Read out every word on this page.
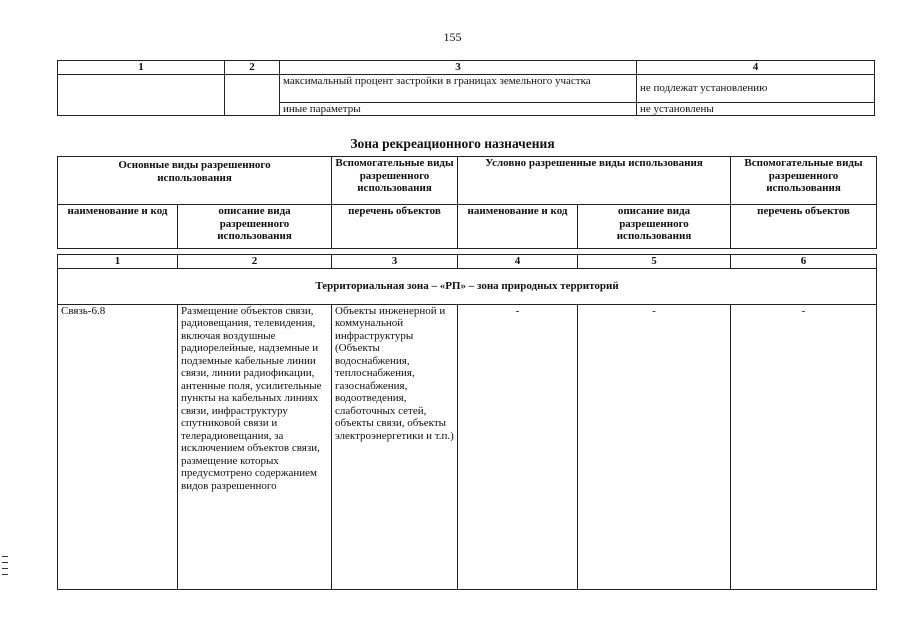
155
1	2	3	4
		максимальный процент застройки в границах земельного участка	не подлежат установлению
		иные параметры	не установлены
Зона рекреационного назначения
Основные виды разрешенного использования		Вспомогательные виды разрешенного использования	Условно разрешенные виды использования		Вспомогательные виды разрешенного использования
наименование и код	описание вида разрешенного использования	перечень объектов	наименование и код	описание вида разрешенного использования	перечень объектов

1	2	3	4	5	6
Территориальная зона – «РП» – зона природных территорий					
Связь-6.8	Размещение объектов связи, радиовещания, телевидения, включая воздушные радиорелейные, надземные и подземные кабельные линии связи, линии радиофикации, антенные поля, усилительные пункты на кабельных линиях связи, инфраструктуру спутниковой связи и телерадиовещания, за исключением объектов связи, размещение которых предусмотрено содержанием видов разрешенного	Объекты инженерной и коммунальной инфраструктуры (Объекты водоснабжения, теплоснабжения, газоснабжения, водоотведения, слаботочных сетей, объекты связи, объекты электроэнергетики и т.п.)	-	-	-
